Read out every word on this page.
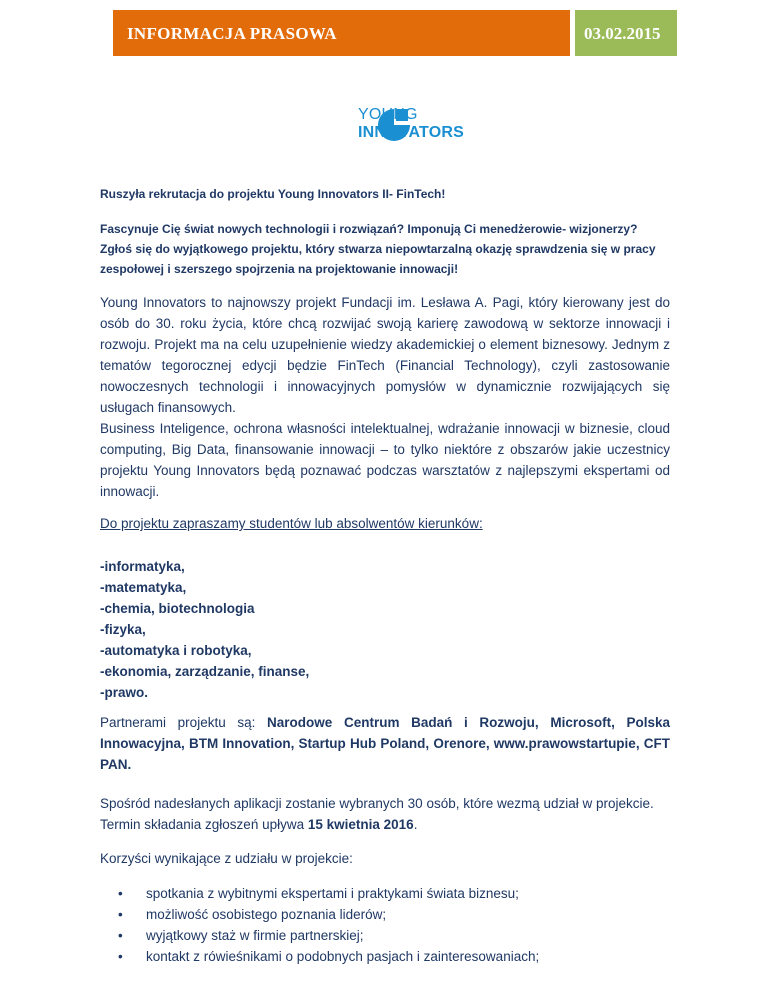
INFORMACJA PRASOWA	03.02.2015
YOUNG
INNOVATORS
Ruszyła rekrutacja do projektu Young Innovators II- FinTech!
Fascynuje Cię świat nowych technologii i rozwiązań? Imponują Ci menedżerowie- wizjonerzy? Zgłoś się do wyjątkowego projektu, który stwarza niepowtarzalną okazję sprawdzenia się w pracy zespołowej i szerszego spojrzenia na projektowanie innowacji!
Young Innovators to najnowszy projekt Fundacji im. Lesława A. Pagi, który kierowany jest do osób do 30. roku życia, które chcą rozwijać swoją karierę zawodową w sektorze innowacji i rozwoju. Projekt ma na celu uzupełnienie wiedzy akademickiej o element biznesowy. Jednym z tematów tegorocznej edycji będzie FinTech (Financial Technology), czyli zastosowanie nowoczesnych technologii i innowacyjnych pomysłów w dynamicznie rozwijających się usługach finansowych.
Business Inteligence, ochrona własności intelektualnej, wdrażanie innowacji w biznesie, cloud computing, Big Data, finansowanie innowacji – to tylko niektóre z obszarów jakie uczestnicy projektu Young Innovators będą poznawać podczas warsztatów z najlepszymi ekspertami od innowacji.
Do projektu zapraszamy studentów lub absolwentów kierunków:
-informatyka,
-matematyka,
-chemia, biotechnologia
-fizyka,
-automatyka i robotyka,
-ekonomia, zarządzanie, finanse,
-prawo.
Partnerami projektu są: Narodowe Centrum Badań i Rozwoju, Microsoft, Polska Innowacyjna, BTM Innovation, Startup Hub Poland, Orenore, www.prawowstartupie, CFT PAN.
Spośród nadesłanych aplikacji zostanie wybranych 30 osób, które wezmą udział w projekcie.
Termin składania zgłoszeń upływa 15 kwietnia 2016.
Korzyści wynikające z udziału w projekcie:
• spotkania z wybitnymi ekspertami i praktykami świata biznesu;
• możliwość osobistego poznania liderów;
• wyjątkowy staż w firmie partnerskiej;
• kontakt z rówieśnikami o podobnych pasjach i zainteresowaniach;
